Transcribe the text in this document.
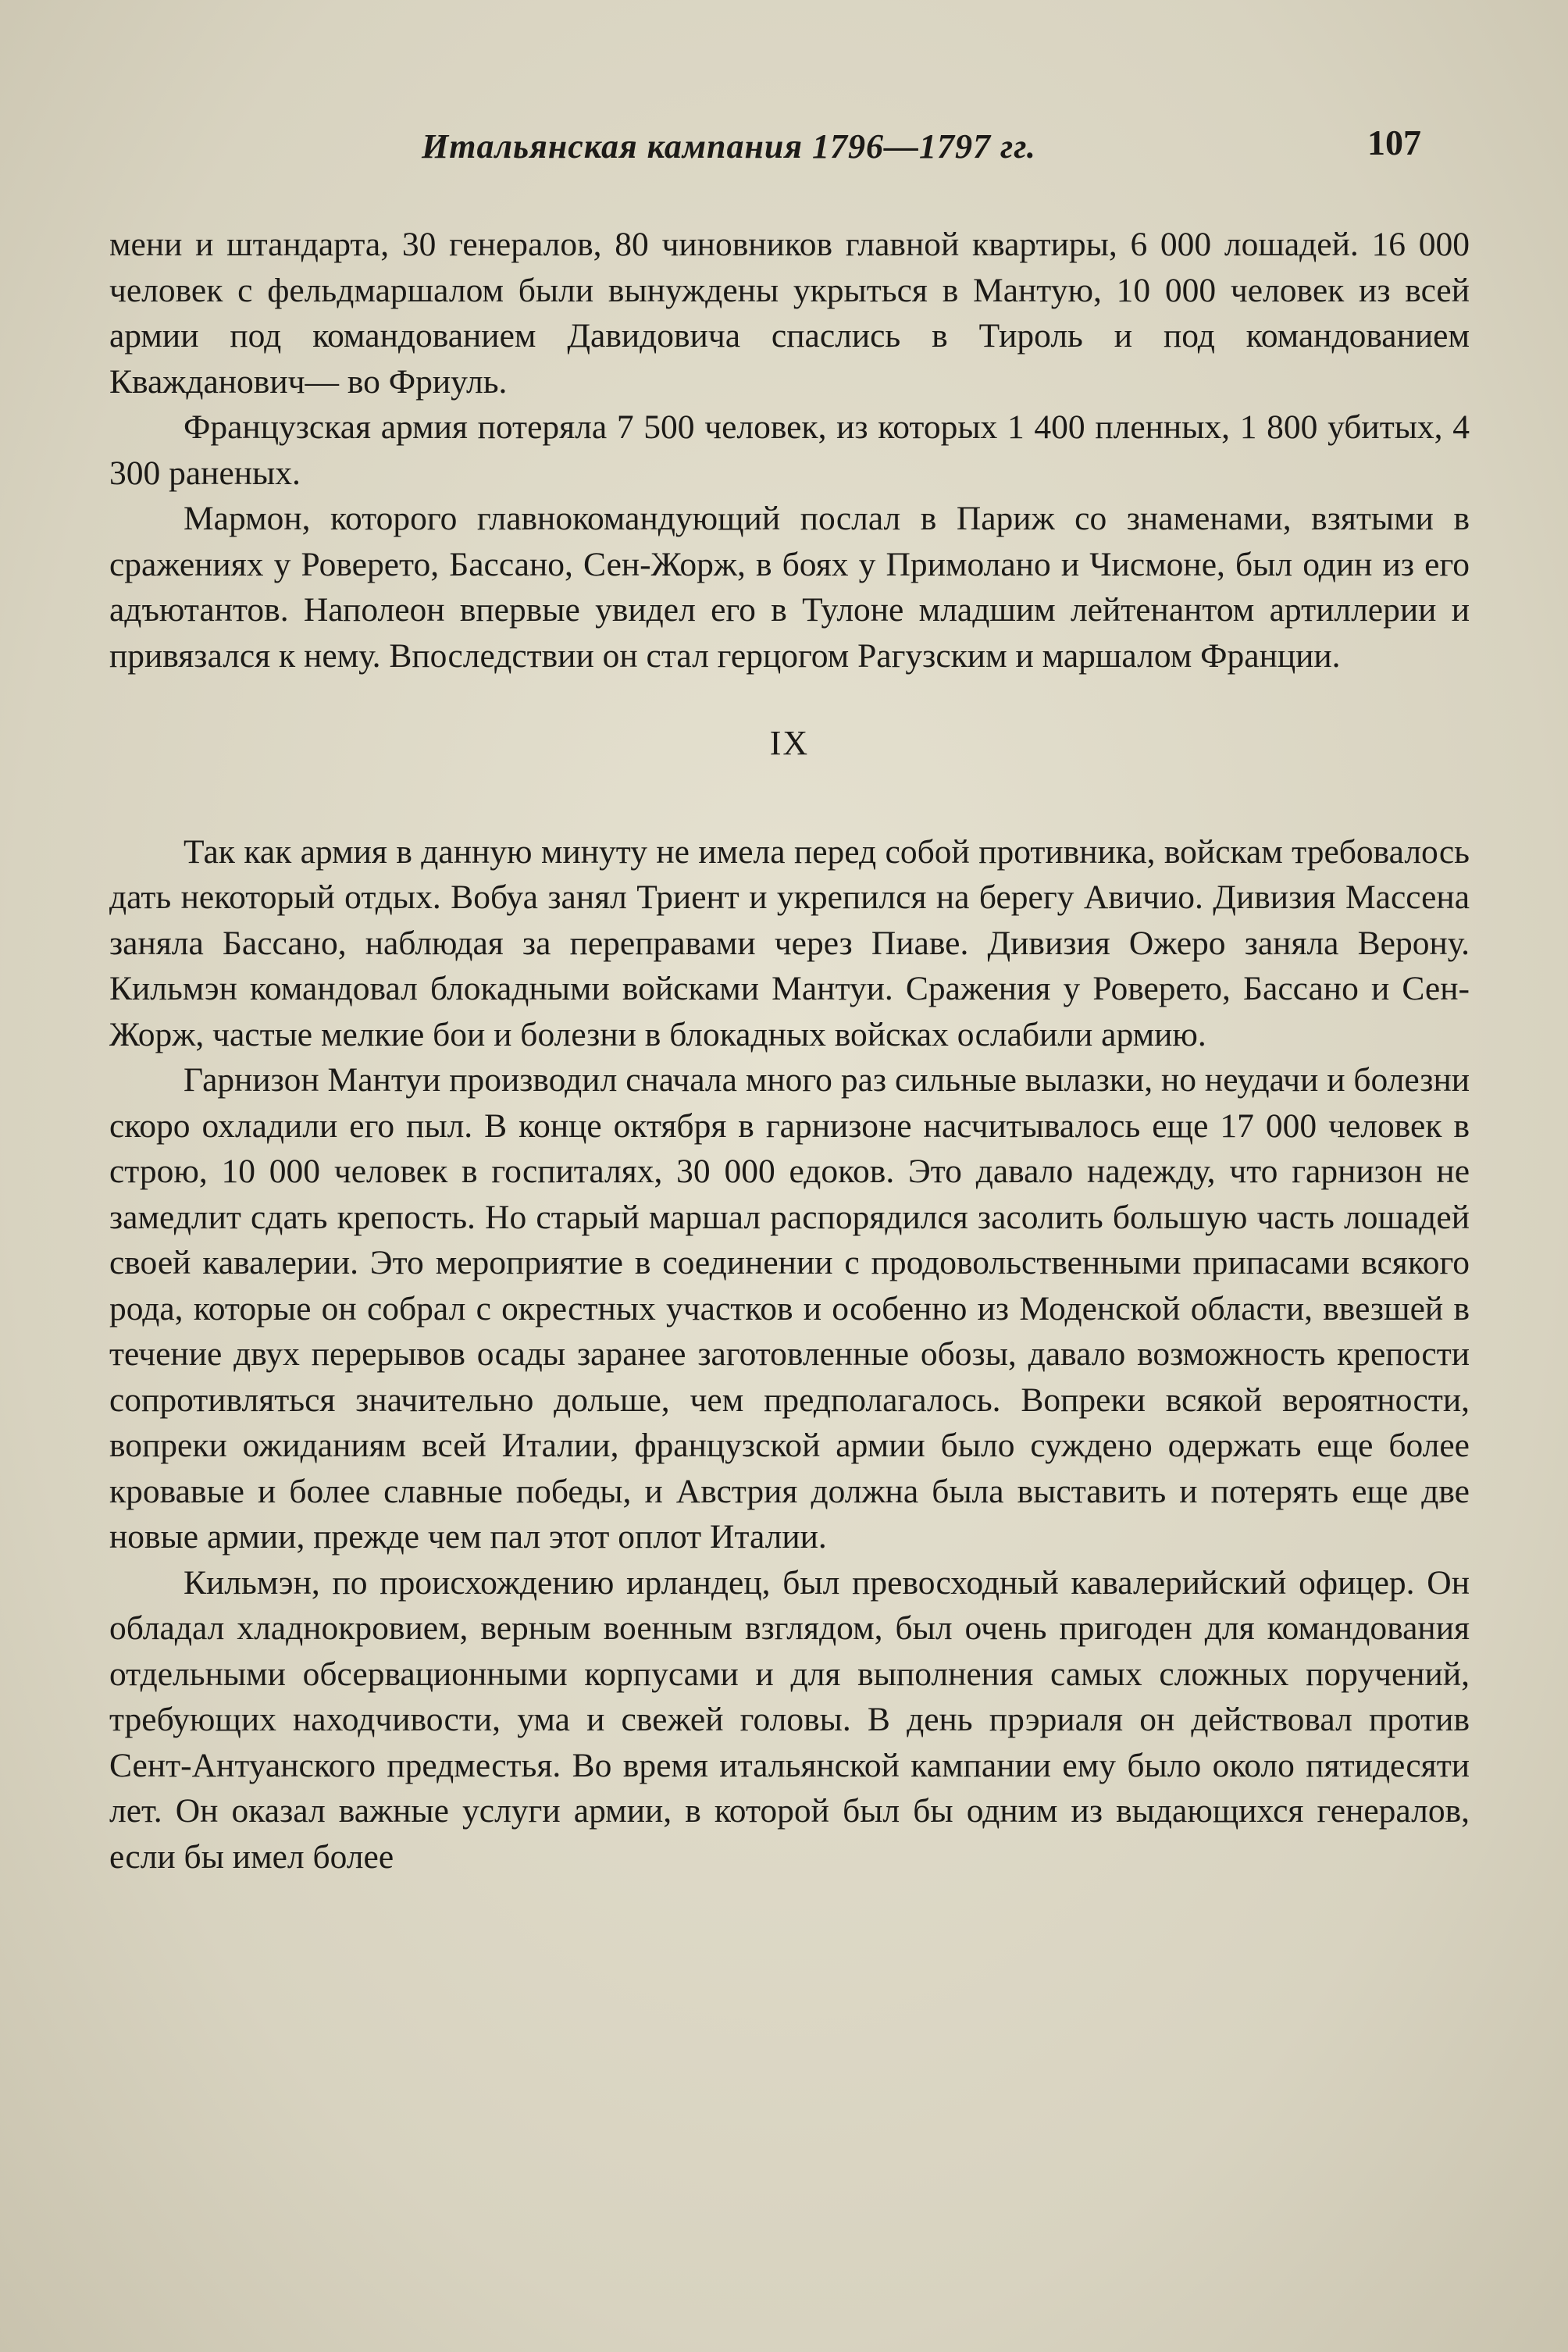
Итальянская кампания 1796—1797 гг.	107

мени и штандарта, 30 генералов, 80 чиновников главной квартиры, 6 000 лошадей. 16 000 человек с фельдмаршалом были вынуждены укрыться в Мантую, 10 000 человек из всей армии под командованием Давидовича спаслись в Тироль и под командованием Кважданович— во Фриуль.

Французская армия потеряла 7 500 человек, из которых 1 400 пленных, 1 800 убитых, 4 300 раненых.

Мармон, которого главнокомандующий послал в Париж со знаменами, взятыми в сражениях у Роверето, Бассано, Сен-Жорж, в боях у Примолано и Чисмоне, был один из его адъютантов. Наполеон впервые увидел его в Тулоне младшим лейтенантом артиллерии и привязался к нему. Впоследствии он стал герцогом Рагузским и маршалом Франции.

IX

Так как армия в данную минуту не имела перед собой противника, войскам требовалось дать некоторый отдых. Вобуа занял Триент и укрепился на берегу Авичио. Дивизия Массена заняла Бассано, наблюдая за переправами через Пиаве. Дивизия Ожеро заняла Верону. Кильмэн командовал блокадными войсками Мантуи. Сражения у Роверето, Бассано и Сен-Жорж, частые мелкие бои и болезни в блокадных войсках ослабили армию.

Гарнизон Мантуи производил сначала много раз сильные вылазки, но неудачи и болезни скоро охладили его пыл. В конце октября в гарнизоне насчитывалось еще 17 000 человек в строю, 10 000 человек в госпиталях, 30 000 едоков. Это давало надежду, что гарнизон не замедлит сдать крепость. Но старый маршал распорядился засолить большую часть лошадей своей кавалерии. Это мероприятие в соединении с продовольственными припасами всякого рода, которые он собрал с окрестных участков и особенно из Моденской области, ввезшей в течение двух перерывов осады заранее заготовленные обозы, давало возможность крепости сопротивляться значительно дольше, чем предполагалось. Вопреки всякой вероятности, вопреки ожиданиям всей Италии, французской армии было суждено одержать еще более кровавые и более славные победы, и Австрия должна была выставить и потерять еще две новые армии, прежде чем пал этот оплот Италии.

Кильмэн, по происхождению ирландец, был превосходный кавалерийский офицер. Он обладал хладнокровием, верным военным взглядом, был очень пригоден для командования отдельными обсервационными корпусами и для выполнения самых сложных поручений, требующих находчивости, ума и свежей головы. В день прэриаля он действовал против Сент-Антуанского предместья. Во время итальянской кампании ему было около пятидесяти лет. Он оказал важные услуги армии, в которой был бы одним из выдающихся генералов, если бы имел более
